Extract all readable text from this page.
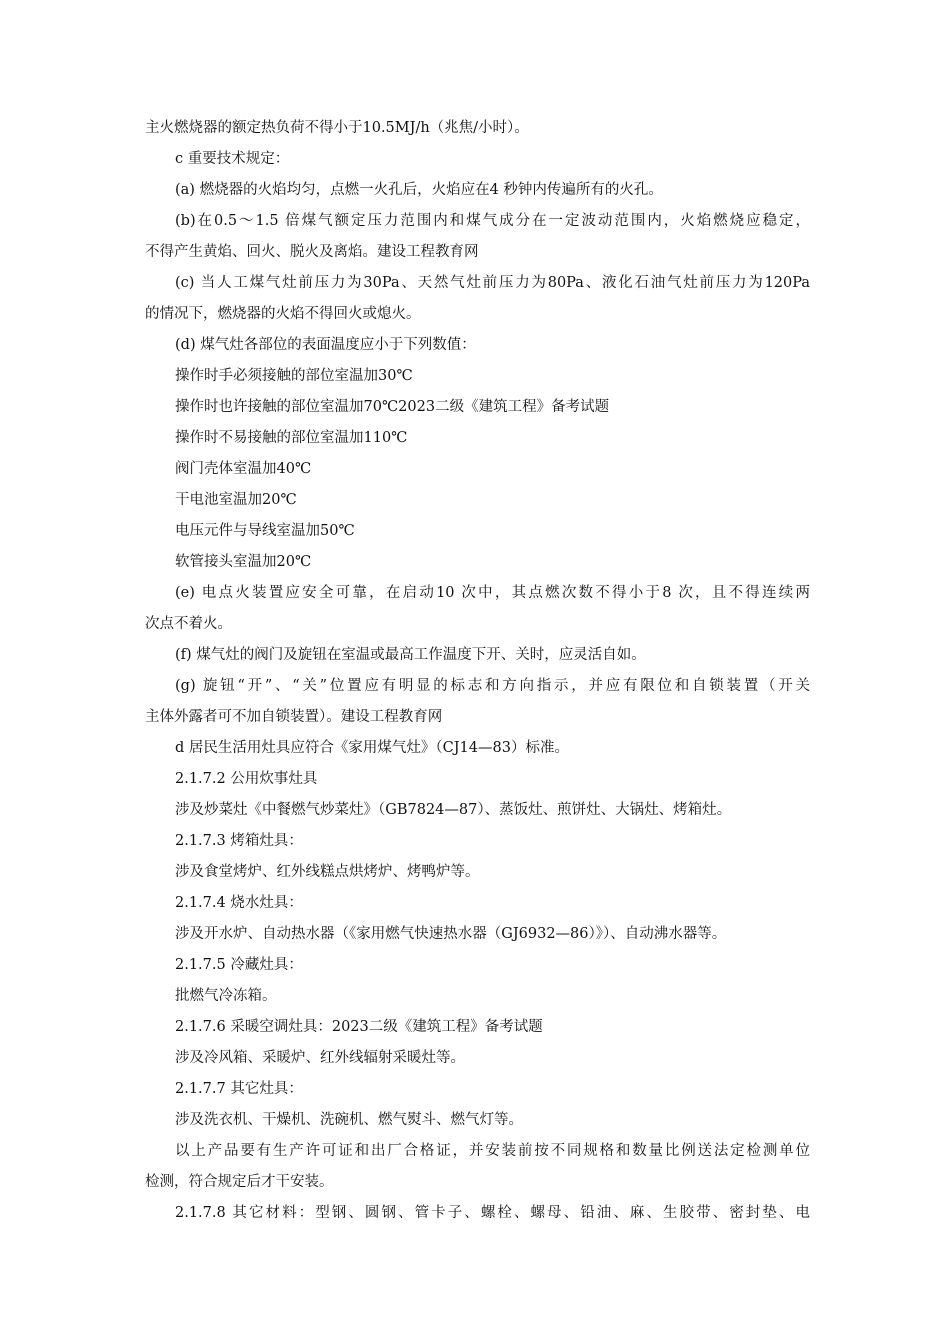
主火燃烧器的额定热负荷不得小于10.5MJ/h（兆焦/小时）。
c 重要技术规定：
(a) 燃烧器的火焰均匀，点燃一火孔后，火焰应在4 秒钟内传遍所有的火孔。
(b)在0.5～1.5 倍煤气额定压力范围内和煤气成分在一定波动范围内，火焰燃烧应稳定，
不得产生黄焰、回火、脱火及离焰。建设工程教育网
(c) 当人工煤气灶前压力为30Pa、天然气灶前压力为80Pa、液化石油气灶前压力为120Pa
的情况下，燃烧器的火焰不得回火或熄火。
(d) 煤气灶各部位的表面温度应小于下列数值：
操作时手必须接触的部位室温加30℃
操作时也许接触的部位室温加70℃2023二级《建筑工程》备考试题
操作时不易接触的部位室温加110℃
阀门壳体室温加40℃
干电池室温加20℃
电压元件与导线室温加50℃
软管接头室温加20℃
(e) 电点火装置应安全可靠，在启动10 次中，其点燃次数不得小于8 次，且不得连续两
次点不着火。
(f) 煤气灶的阀门及旋钮在室温或最高工作温度下开、关时，应灵活自如。
(g) 旋钮“开”、“关”位置应有明显的标志和方向指示，并应有限位和自锁装置（开关
主体外露者可不加自锁装置）。建设工程教育网
d 居民生活用灶具应符合《家用煤气灶》（CJ14—83）标准。
2.1.7.2 公用炊事灶具
涉及炒菜灶《中餐燃气炒菜灶》（GB7824—87）、蒸饭灶、煎饼灶、大锅灶、烤箱灶。
2.1.7.3 烤箱灶具：
涉及食堂烤炉、红外线糕点烘烤炉、烤鸭炉等。
2.1.7.4 烧水灶具：
涉及开水炉、自动热水器（《家用燃气快速热水器（GJ6932—86）》）、自动沸水器等。
2.1.7.5 冷藏灶具：
批燃气冷冻箱。
2.1.7.6 采暖空调灶具：2023二级《建筑工程》备考试题
涉及冷风箱、采暖炉、红外线辐射采暖灶等。
2.1.7.7 其它灶具：
涉及洗衣机、干燥机、洗碗机、燃气熨斗、燃气灯等。
以上产品要有生产许可证和出厂合格证，并安装前按不同规格和数量比例送法定检测单位
检测，符合规定后才干安装。
2.1.7.8 其它材料：型钢、圆钢、管卡子、螺栓、螺母、铅油、麻、生胶带、密封垫、电
